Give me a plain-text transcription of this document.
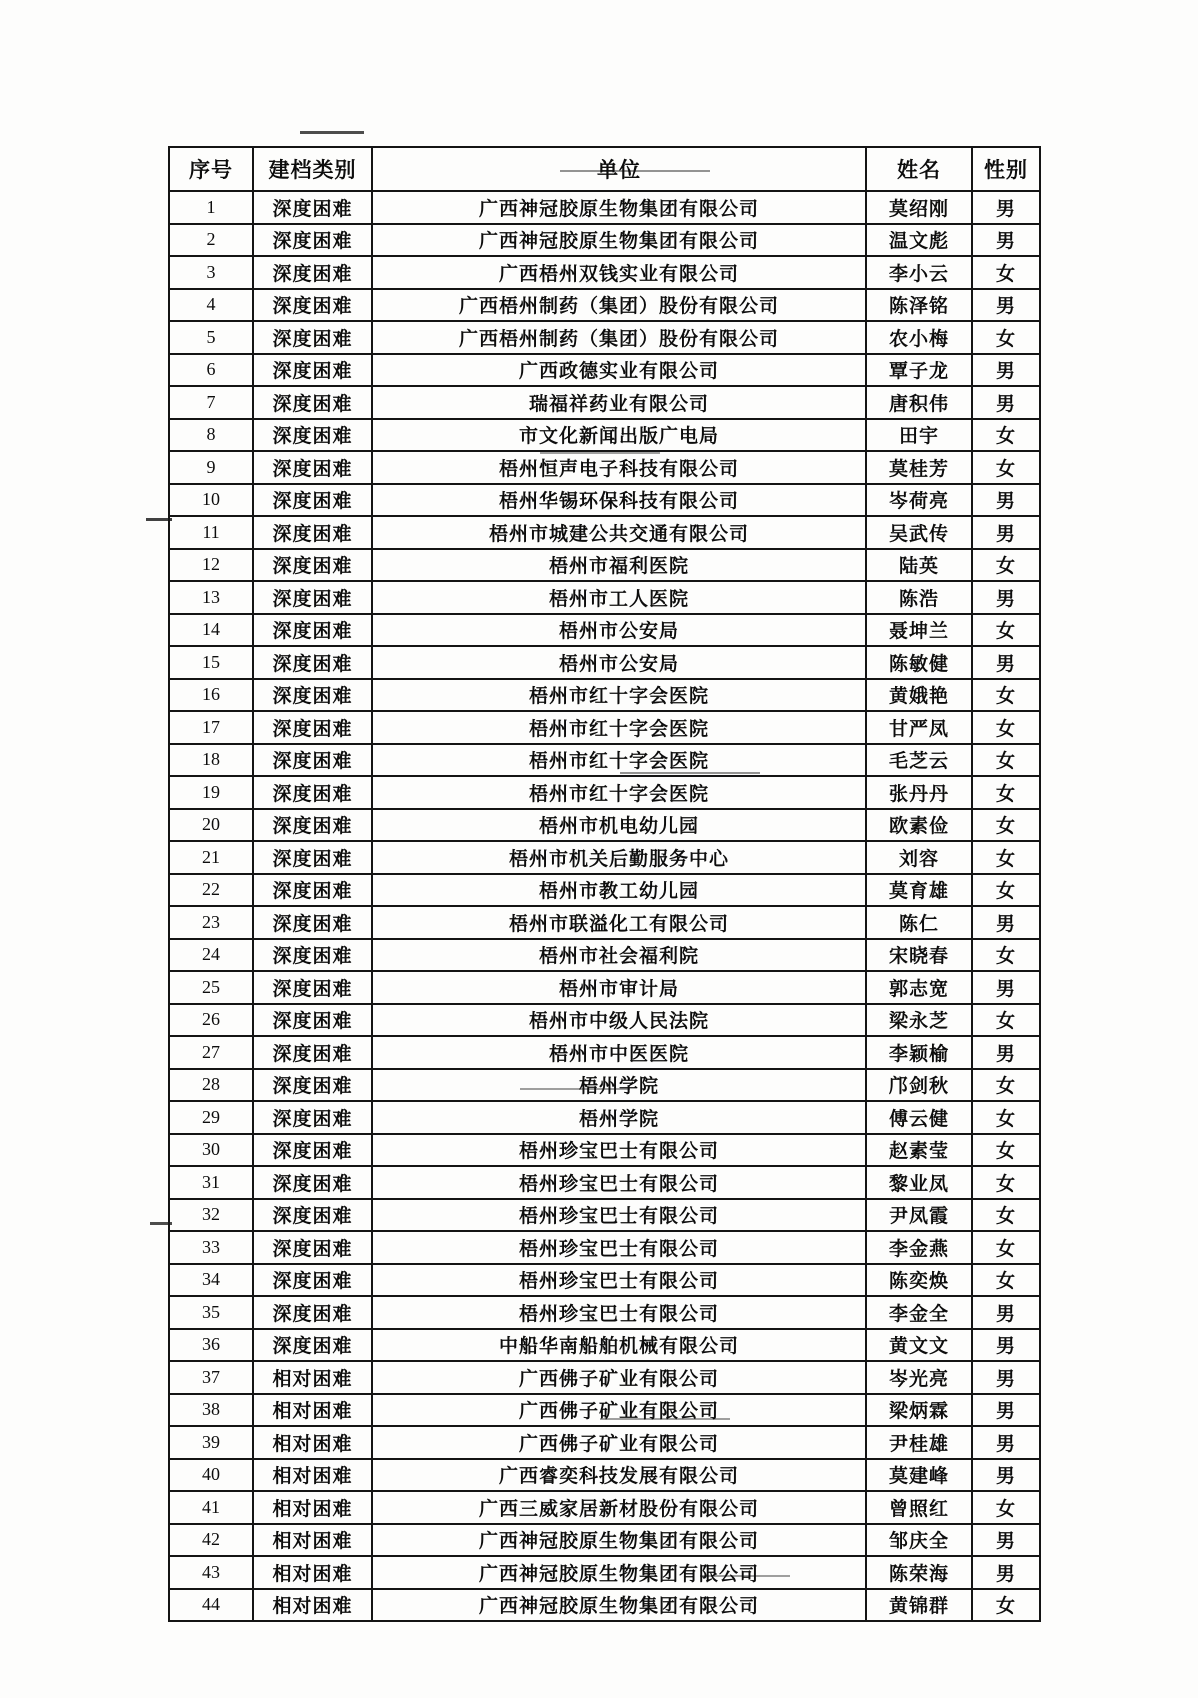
序号	建档类别	单位	姓名	性别
1	深度困难	广西神冠胶原生物集团有限公司	莫绍刚	男
2	深度困难	广西神冠胶原生物集团有限公司	温文彪	男
3	深度困难	广西梧州双钱实业有限公司	李小云	女
4	深度困难	广西梧州制药（集团）股份有限公司	陈泽铭	男
5	深度困难	广西梧州制药（集团）股份有限公司	农小梅	女
6	深度困难	广西政德实业有限公司	覃子龙	男
7	深度困难	瑞福祥药业有限公司	唐积伟	男
8	深度困难	市文化新闻出版广电局	田宇	女
9	深度困难	梧州恒声电子科技有限公司	莫桂芳	女
10	深度困难	梧州华锡环保科技有限公司	岑荷亮	男
11	深度困难	梧州市城建公共交通有限公司	吴武传	男
12	深度困难	梧州市福利医院	陆英	女
13	深度困难	梧州市工人医院	陈浩	男
14	深度困难	梧州市公安局	聂坤兰	女
15	深度困难	梧州市公安局	陈敏健	男
16	深度困难	梧州市红十字会医院	黄娥艳	女
17	深度困难	梧州市红十字会医院	甘严凤	女
18	深度困难	梧州市红十字会医院	毛芝云	女
19	深度困难	梧州市红十字会医院	张丹丹	女
20	深度困难	梧州市机电幼儿园	欧素俭	女
21	深度困难	梧州市机关后勤服务中心	刘容	女
22	深度困难	梧州市教工幼儿园	莫育雄	女
23	深度困难	梧州市联溢化工有限公司	陈仁	男
24	深度困难	梧州市社会福利院	宋晓春	女
25	深度困难	梧州市审计局	郭志宽	男
26	深度困难	梧州市中级人民法院	梁永芝	女
27	深度困难	梧州市中医医院	李颖榆	男
28	深度困难	梧州学院	邝剑秋	女
29	深度困难	梧州学院	傅云健	女
30	深度困难	梧州珍宝巴士有限公司	赵素莹	女
31	深度困难	梧州珍宝巴士有限公司	黎业凤	女
32	深度困难	梧州珍宝巴士有限公司	尹凤霞	女
33	深度困难	梧州珍宝巴士有限公司	李金燕	女
34	深度困难	梧州珍宝巴士有限公司	陈奕焕	女
35	深度困难	梧州珍宝巴士有限公司	李金全	男
36	深度困难	中船华南船舶机械有限公司	黄文文	男
37	相对困难	广西佛子矿业有限公司	岑光亮	男
38	相对困难	广西佛子矿业有限公司	梁炳霖	男
39	相对困难	广西佛子矿业有限公司	尹桂雄	男
40	相对困难	广西睿奕科技发展有限公司	莫建峰	男
41	相对困难	广西三威家居新材股份有限公司	曾照红	女
42	相对困难	广西神冠胶原生物集团有限公司	邹庆全	男
43	相对困难	广西神冠胶原生物集团有限公司	陈荣海	男
44	相对困难	广西神冠胶原生物集团有限公司	黄锦群	女
